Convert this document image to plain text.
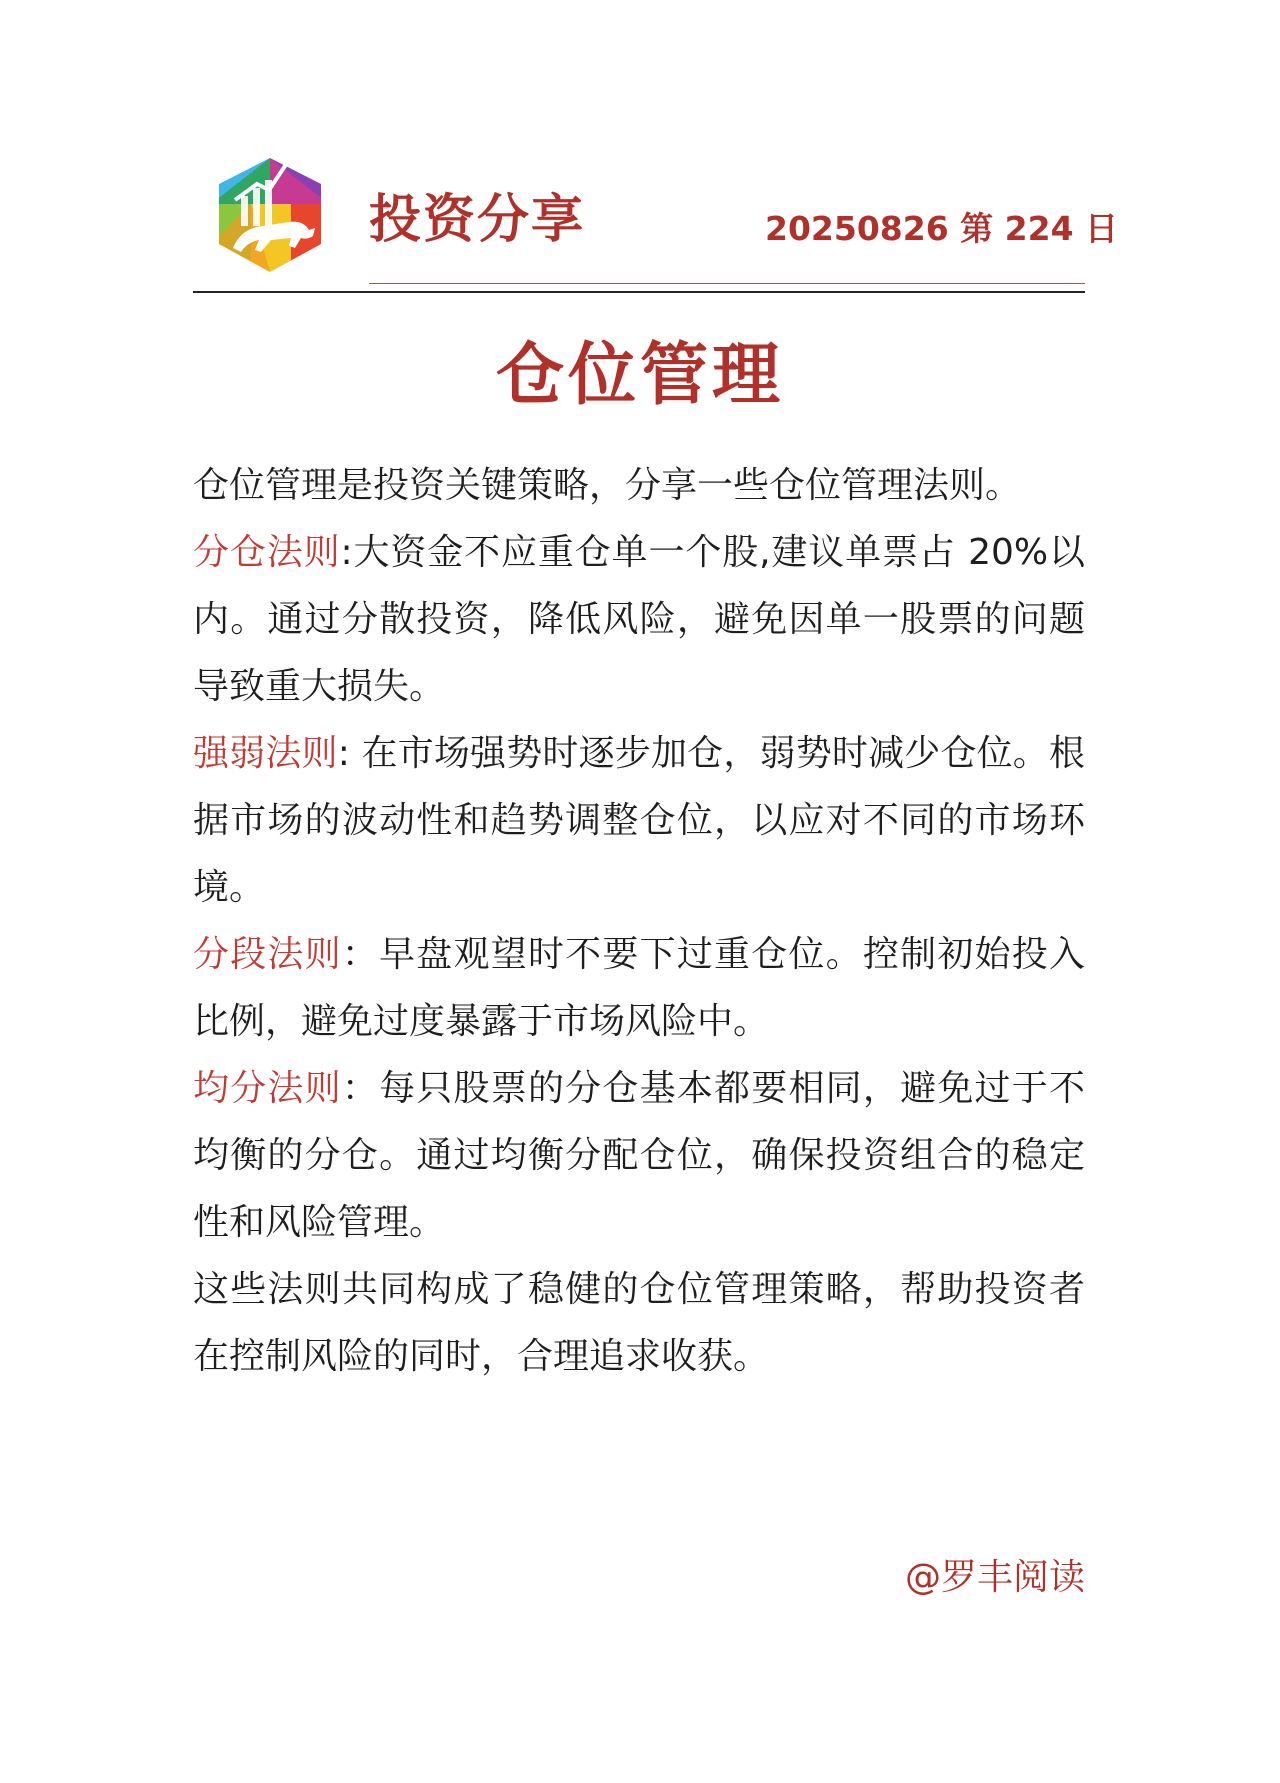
投资分享	20250826 第 224 日
仓位管理

仓位管理是投资关键策略，分享一些仓位管理法则。

分仓法则:大资金不应重仓单一个股,建议单票占 20%以内。通过分散投资，降低风险，避免因单一股票的问题导致重大损失。

强弱法则: 在市场强势时逐步加仓，弱势时减少仓位。根据市场的波动性和趋势调整仓位，以应对不同的市场环境。

分段法则：早盘观望时不要下过重仓位。控制初始投入比例，避免过度暴露于市场风险中。

均分法则：每只股票的分仓基本都要相同，避免过于不均衡的分仓。通过均衡分配仓位，确保投资组合的稳定性和风险管理。

这些法则共同构成了稳健的仓位管理策略，帮助投资者在控制风险的同时，合理追求收获。

@罗丰阅读
